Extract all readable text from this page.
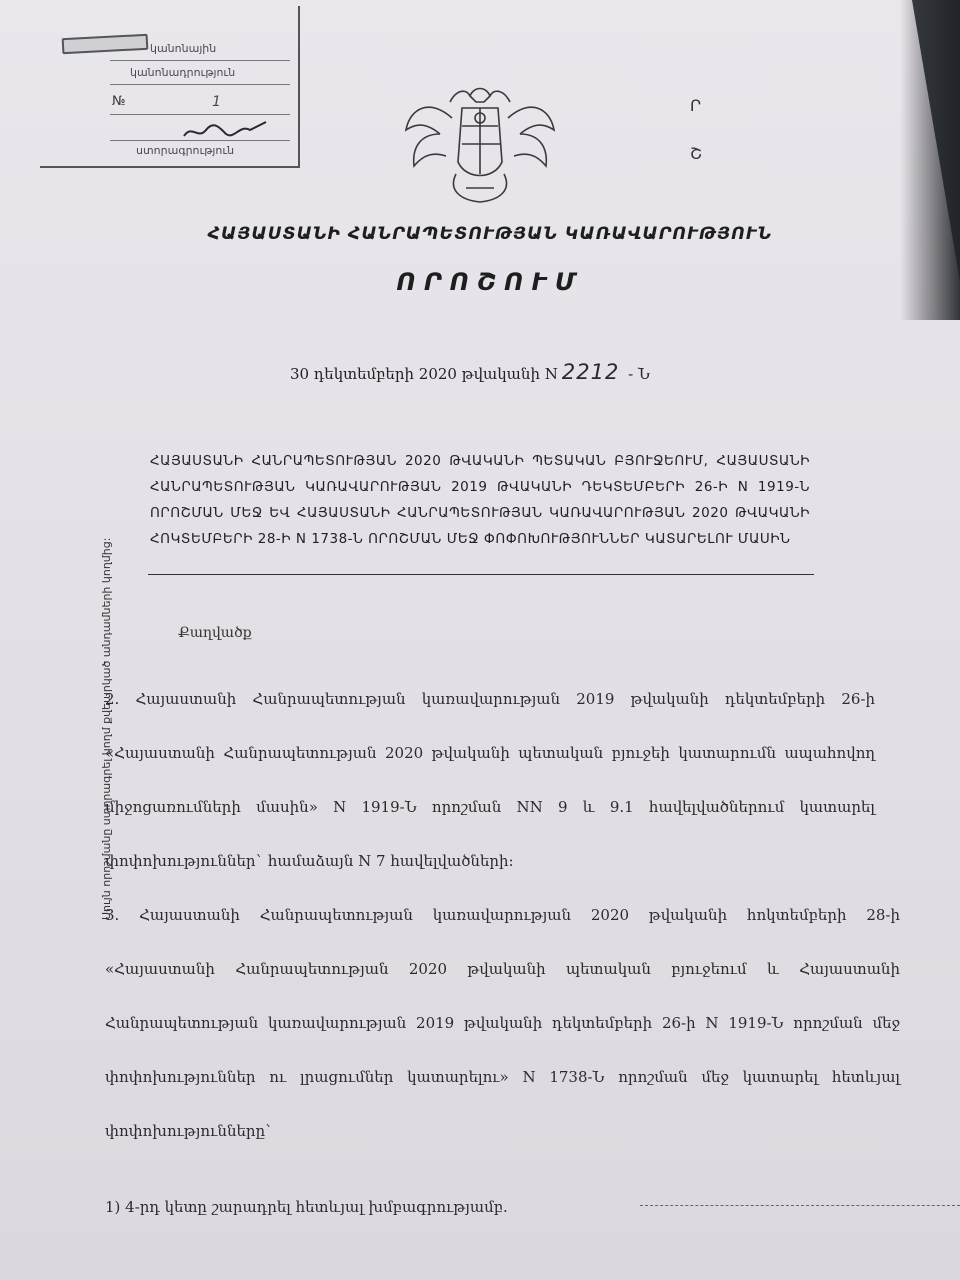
կանոնային
կանոնադրություն
№	1
ստորագրություն
Ր
Շ
Սույն որոշմանը ստորագրել կողմ քվեարկած անդամների կողմից:
ՀԱՅԱՍՏԱՆԻ ՀԱՆՐԱՊԵՏՈՒԹՅԱՆ ԿԱՌԱՎԱՐՈՒԹՅՈՒՆ
ՈՐՈՇՈՒՄ
30 դեկտեմբերի 2020 թվականի N 2212 - Ն
ՀԱՅԱՍՏԱՆԻ ՀԱՆՐԱՊԵՏՈՒԹՅԱՆ 2020 ԹՎԱԿԱՆԻ ՊԵՏԱԿԱՆ ԲՅՈՒՋԵՈՒՄ, ՀԱՅԱՍՏԱՆԻ ՀԱՆՐԱՊԵՏՈՒԹՅԱՆ ԿԱՌԱՎԱՐՈՒԹՅԱՆ 2019 ԹՎԱԿԱՆԻ ԴԵԿՏԵՄԲԵՐԻ 26-Ի N 1919-Ն ՈՐՈՇՄԱՆ ՄԵՋ ԵՎ ՀԱՅԱՍՏԱՆԻ ՀԱՆՐԱՊԵՏՈՒԹՅԱՆ ԿԱՌԱՎԱՐՈՒԹՅԱՆ 2020 ԹՎԱԿԱՆԻ ՀՈԿՏԵՄԲԵՐԻ 28-Ի N 1738-Ն ՈՐՈՇՄԱՆ ՄԵՋ ՓՈՓՈԽՈՒԹՅՈՒՆՆԵՐ ԿԱՏԱՐԵԼՈՒ ՄԱՍԻՆ
Քաղվածք
2. Հայաստանի Հանրապետության կառավարության 2019 թվականի դեկտեմբերի 26-ի «Հայաստանի Հանրապետության 2020 թվականի պետական բյուջեի կատարումն ապահովող միջոցառումների մասին» N 1919-Ն որոշման NN 9 և 9.1 հավելվածներում կատարել փոփոխություններ` համաձայն N 7 հավելվածների:
3. Հայաստանի Հանրապետության կառավարության 2020 թվականի հոկտեմբերի 28-ի «Հայաստանի Հանրապետության 2020 թվականի պետական բյուջեում և Հայաստանի Հանրապետության կառավարության 2019 թվականի դեկտեմբերի 26-ի N 1919-Ն որոշման մեջ փոփոխություններ ու լրացումներ կատարելու» N 1738-Ն որոշման մեջ կատարել հետևյալ փոփոխությունները՝
1) 4-րդ կետը շարադրել հետևյալ խմբագրությամբ.
